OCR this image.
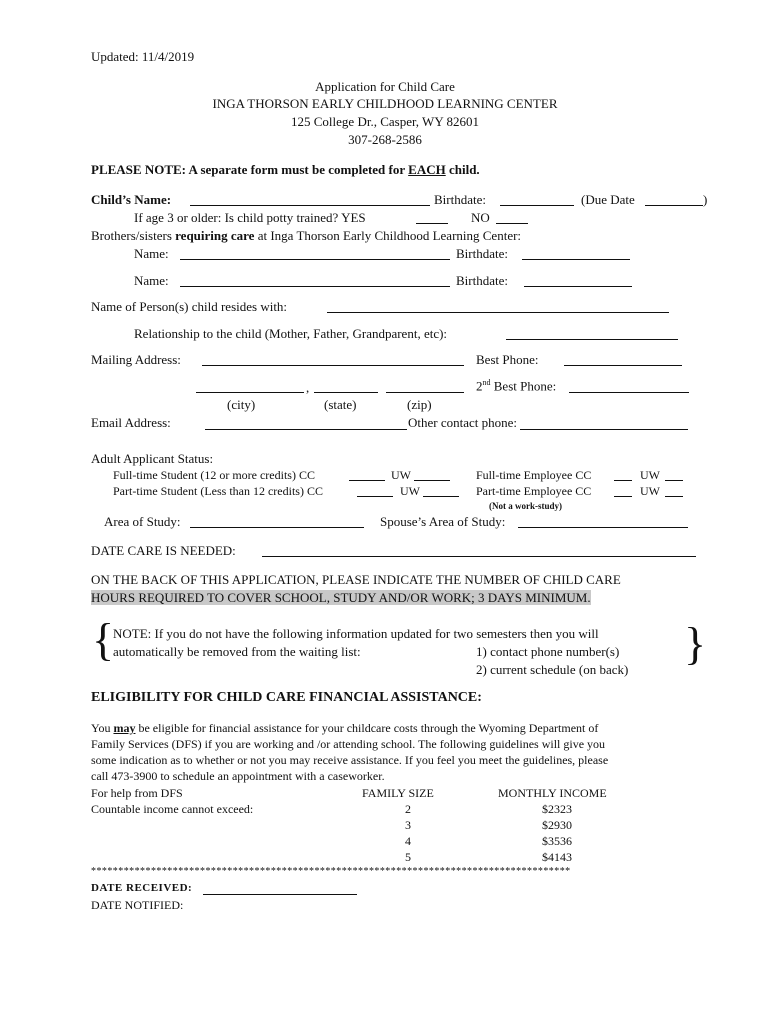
Updated: 11/4/2019
Application for Child Care
INGA THORSON EARLY CHILDHOOD LEARNING CENTER
125 College Dr., Casper, WY 82601
307-268-2586
PLEASE NOTE: A separate form must be completed for EACH child.
Child’s Name:	Birthdate:	(Due Date	)
If age 3 or older: Is child potty trained? YES	NO
Brothers/sisters requiring care at Inga Thorson Early Childhood Learning Center:
Name:	Birthdate:
Name:	Birthdate:
Name of Person(s) child resides with:
Relationship to the child (Mother, Father, Grandparent, etc):
Mailing Address:	Best Phone:
,	2nd Best Phone:
(city)	(state)	(zip)
Email Address:	Other contact phone:
Adult Applicant Status:
Full-time Student (12 or more credits) CC	UW	Full-time Employee CC	UW
Part-time Student (Less than 12 credits) CC	UW	Part-time Employee CC	UW
(Not a work-study)
Area of Study:	Spouse’s Area of Study:
DATE CARE IS NEEDED:
ON THE BACK OF THIS APPLICATION, PLEASE INDICATE THE NUMBER OF CHILD CARE
HOURS REQUIRED TO COVER SCHOOL, STUDY AND/OR WORK; 3 DAYS MINIMUM.
{	}
NOTE: If you do not have the following information updated for two semesters then you will
automatically be removed from the waiting list:	1) contact phone number(s)
2) current schedule (on back)
ELIGIBILITY FOR CHILD CARE FINANCIAL ASSISTANCE:
You may be eligible for financial assistance for your childcare costs through the Wyoming Department of
Family Services (DFS) if you are working and /or attending school. The following guidelines will give you
some indication as to whether or not you may receive assistance. If you feel you meet the guidelines, please
call 473-3900 to schedule an appointment with a caseworker.
For help from DFS
Countable income cannot exceed:
FAMILY SIZE	MONTHLY INCOME
2	$2323
3	$2930
4	$3536
5	$4143
****************************************************************************************
DATE RECEIVED:
DATE NOTIFIED:
